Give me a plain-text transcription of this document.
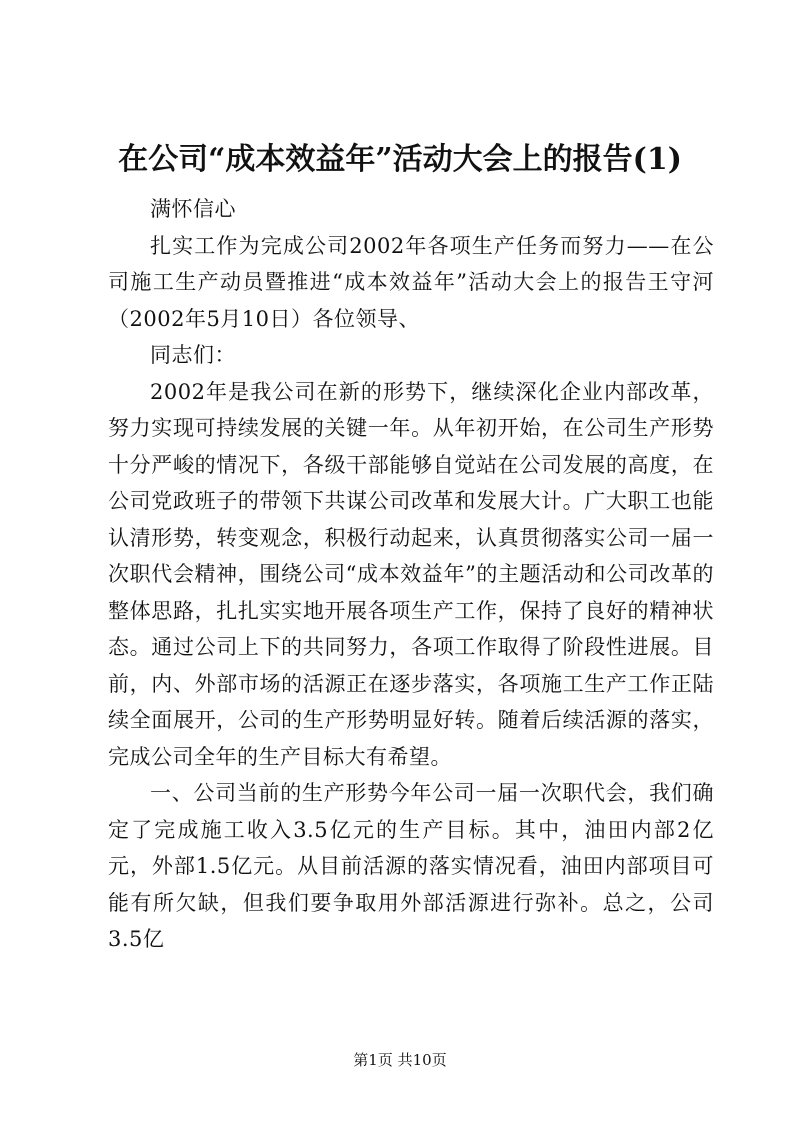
在公司“成本效益年”活动大会上的报告(1)

满怀信心

扎实工作为完成公司2002年各项生产任务而努力——在公司施工生产动员暨推进“成本效益年”活动大会上的报告王守河（2002年5月10日）各位领导、

同志们：

2002年是我公司在新的形势下，继续深化企业内部改革，努力实现可持续发展的关键一年。从年初开始，在公司生产形势十分严峻的情况下，各级干部能够自觉站在公司发展的高度，在公司党政班子的带领下共谋公司改革和发展大计。广大职工也能认清形势，转变观念，积极行动起来，认真贯彻落实公司一届一次职代会精神，围绕公司“成本效益年”的主题活动和公司改革的整体思路，扎扎实实地开展各项生产工作，保持了良好的精神状态。通过公司上下的共同努力，各项工作取得了阶段性进展。目前，内、外部市场的活源正在逐步落实，各项施工生产工作正陆续全面展开，公司的生产形势明显好转。随着后续活源的落实，完成公司全年的生产目标大有希望。

一、公司当前的生产形势今年公司一届一次职代会，我们确定了完成施工收入3.5亿元的生产目标。其中，油田内部2亿元，外部1.5亿元。从目前活源的落实情况看，油田内部项目可能有所欠缺，但我们要争取用外部活源进行弥补。总之，公司3.5亿

第1页 共10页
